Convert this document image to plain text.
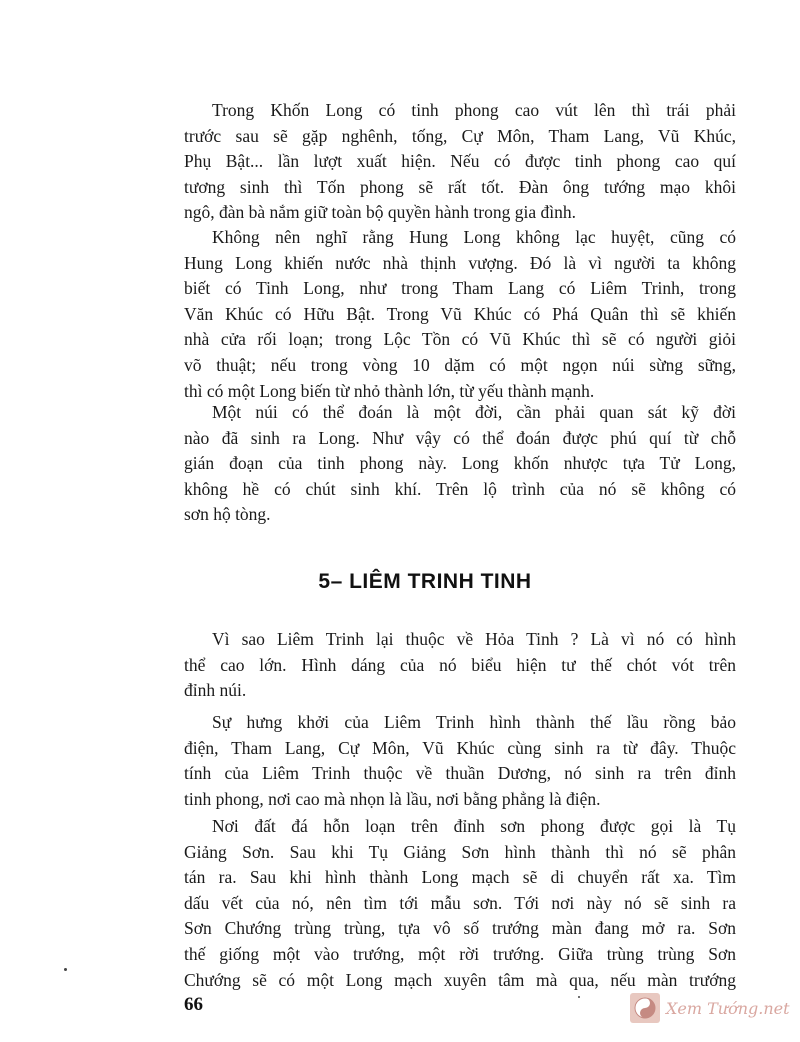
Trong Khốn Long có tinh phong cao vút lên thì trái phải
trước sau sẽ gặp nghênh, tống, Cự Môn, Tham Lang, Vũ Khúc,
Phụ Bật... lần lượt xuất hiện. Nếu có được tinh phong cao quí
tương sinh thì Tốn phong sẽ rất tốt. Đàn ông tướng mạo khôi
ngô, đàn bà nắm giữ toàn bộ quyền hành trong gia đình.
Không nên nghĩ rằng Hung Long không lạc huyệt, cũng có
Hung Long khiến nước nhà thịnh vượng. Đó là vì người ta không
biết có Tinh Long, như trong Tham Lang có Liêm Trinh, trong
Văn Khúc có Hữu Bật. Trong Vũ Khúc có Phá Quân thì sẽ khiến
nhà cửa rối loạn; trong Lộc Tồn có Vũ Khúc thì sẽ có người giỏi
võ thuật; nếu trong vòng 10 dặm có một ngọn núi sừng sững,
thì có một Long biến từ nhỏ thành lớn, từ yếu thành mạnh.
Một núi có thể đoán là một đời, cần phải quan sát kỹ đời
nào đã sinh ra Long. Như vậy có thể đoán được phú quí từ chỗ
gián đoạn của tinh phong này. Long khốn nhược tựa Tử Long,
không hề có chút sinh khí. Trên lộ trình của nó sẽ không có
sơn hộ tòng.
5– LIÊM TRINH TINH
Vì sao Liêm Trinh lại thuộc về Hỏa Tinh ? Là vì nó có hình
thể cao lớn. Hình dáng của nó biểu hiện tư thế chót vót trên
đỉnh núi.
Sự hưng khởi của Liêm Trinh hình thành thế lầu rồng bảo
điện, Tham Lang, Cự Môn, Vũ Khúc cùng sinh ra từ đây. Thuộc
tính của Liêm Trinh thuộc về thuần Dương, nó sinh ra trên đỉnh
tinh phong, nơi cao mà nhọn là lầu, nơi bằng phẳng là điện.
Nơi đất đá hỗn loạn trên đỉnh sơn phong được gọi là Tụ
Giảng Sơn. Sau khi Tụ Giảng Sơn hình thành thì nó sẽ phân
tán ra. Sau khi hình thành Long mạch sẽ di chuyển rất xa. Tìm
dấu vết của nó, nên tìm tới mẫu sơn. Tới nơi này nó sẽ sinh ra
Sơn Chướng trùng trùng, tựa vô số trướng màn đang mở ra. Sơn
thế giống một vào trướng, một rời trướng. Giữa trùng trùng Sơn
Chướng sẽ có một Long mạch xuyên tâm mà qua, nếu màn trướng
66	Xem Tướng.net
